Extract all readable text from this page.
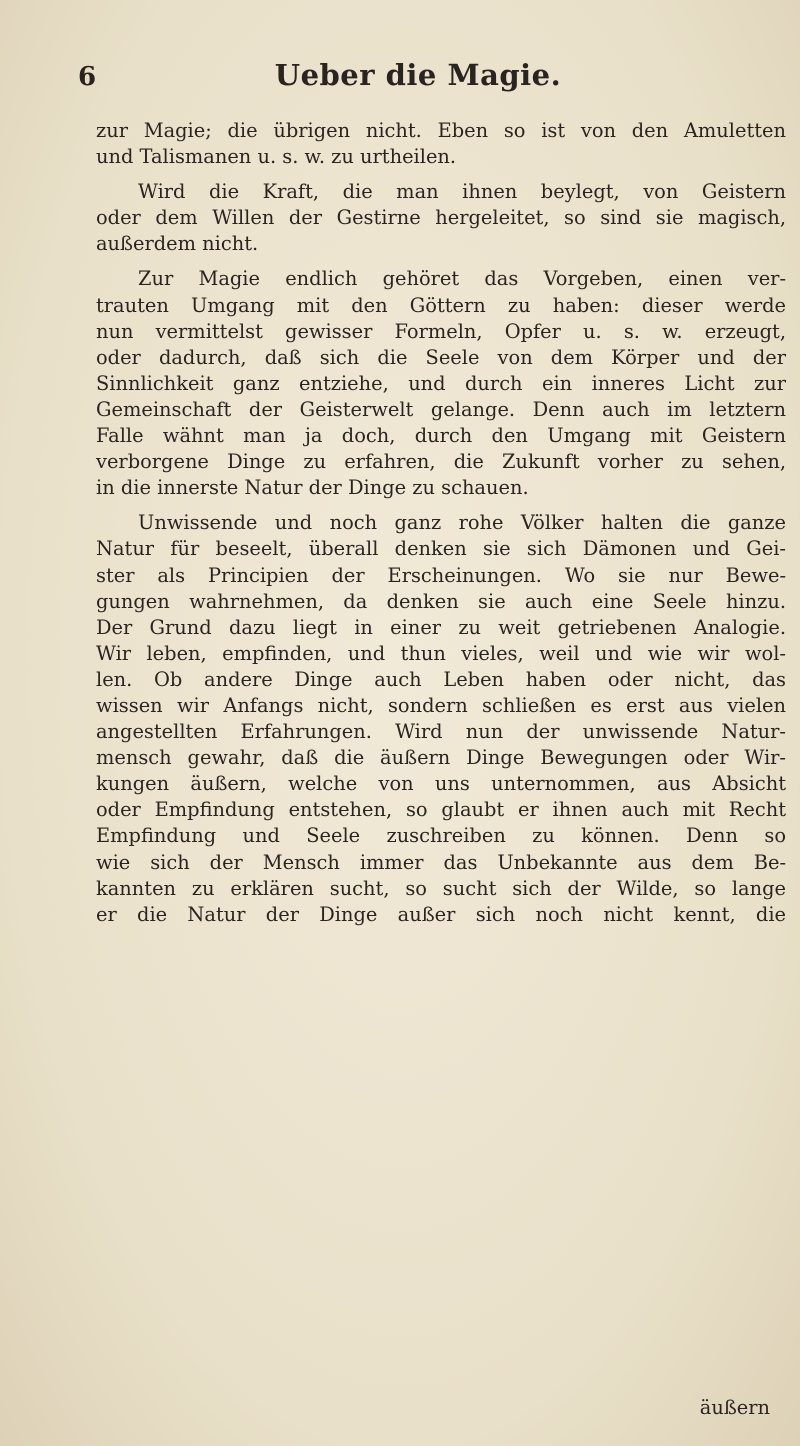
6	Ueber die Magie.
zur Magie; die übrigen nicht. Eben so ist von den Amuletten
und Talismanen u. s. w. zu urtheilen.
Wird die Kraft, die man ihnen beylegt, von Geistern
oder dem Willen der Gestirne hergeleitet, so sind sie magisch,
außerdem nicht.
Zur Magie endlich gehöret das Vorgeben, einen ver-
trauten Umgang mit den Göttern zu haben: dieser werde
nun vermittelst gewisser Formeln, Opfer u. s. w. erzeugt,
oder dadurch, daß sich die Seele von dem Körper und der
Sinnlichkeit ganz entziehe, und durch ein inneres Licht zur
Gemeinschaft der Geisterwelt gelange. Denn auch im letztern
Falle wähnt man ja doch, durch den Umgang mit Geistern
verborgene Dinge zu erfahren, die Zukunft vorher zu sehen,
in die innerste Natur der Dinge zu schauen.
Unwissende und noch ganz rohe Völker halten die ganze
Natur für beseelt, überall denken sie sich Dämonen und Gei-
ster als Principien der Erscheinungen. Wo sie nur Bewe-
gungen wahrnehmen, da denken sie auch eine Seele hinzu.
Der Grund dazu liegt in einer zu weit getriebenen Analogie.
Wir leben, empfinden, und thun vieles, weil und wie wir wol-
len. Ob andere Dinge auch Leben haben oder nicht, das
wissen wir Anfangs nicht, sondern schließen es erst aus vielen
angestellten Erfahrungen. Wird nun der unwissende Natur-
mensch gewahr, daß die äußern Dinge Bewegungen oder Wir-
kungen äußern, welche von uns unternommen, aus Absicht
oder Empfindung entstehen, so glaubt er ihnen auch mit Recht
Empfindung und Seele zuschreiben zu können. Denn so
wie sich der Mensch immer das Unbekannte aus dem Be-
kannten zu erklären sucht, so sucht sich der Wilde, so lange
er die Natur der Dinge außer sich noch nicht kennt, die
äußern
